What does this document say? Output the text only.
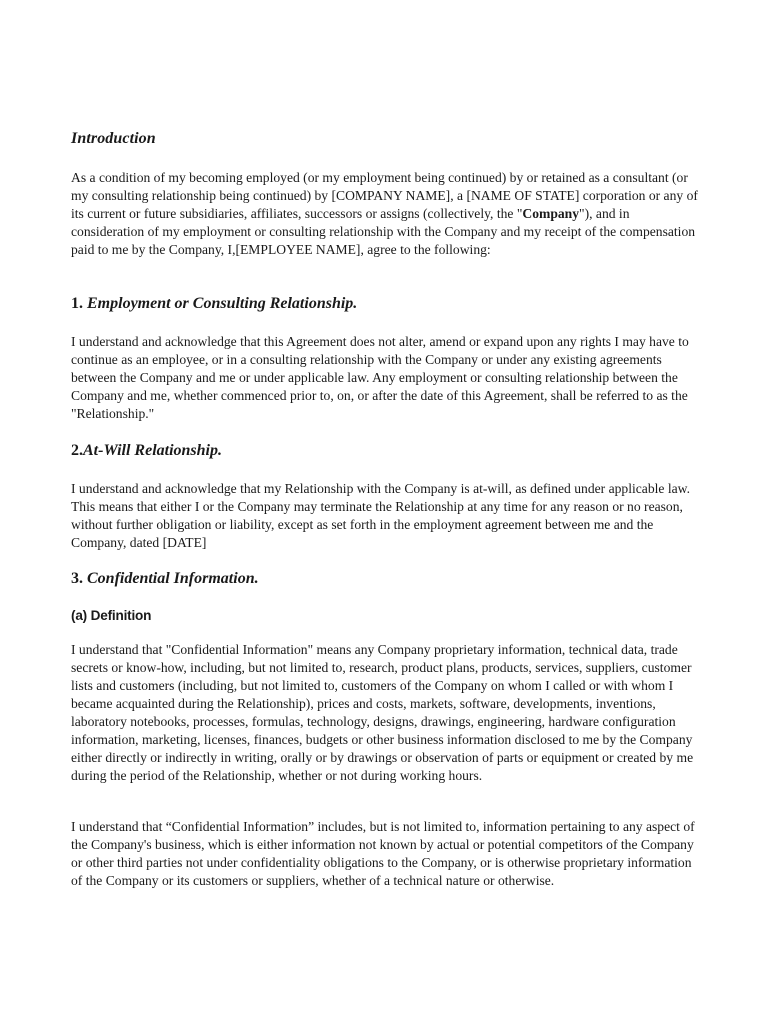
Introduction

As a condition of my becoming employed (or my employment being continued) by or retained as a consultant (or my consulting relationship being continued) by [COMPANY NAME], a [NAME OF STATE] corporation or any of its current or future subsidiaries, affiliates, successors or assigns (collectively, the "Company"), and in consideration of my employment or consulting relationship with the Company and my receipt of the compensation paid to me by the Company, I,[EMPLOYEE NAME], agree to the following:

1. Employment or Consulting Relationship.

I understand and acknowledge that this Agreement does not alter, amend or expand upon any rights I may have to continue as an employee, or in a consulting relationship with the Company or under any existing agreements between the Company and me or under applicable law. Any employment or consulting relationship between the Company and me, whether commenced prior to, on, or after the date of this Agreement, shall be referred to as the "Relationship."

2.At-Will Relationship.

I understand and acknowledge that my Relationship with the Company is at-will, as defined under applicable law. This means that either I or the Company may terminate the Relationship at any time for any reason or no reason, without further obligation or liability, except as set forth in the employment agreement between me and the Company, dated [DATE]

3. Confidential Information.
(a) Definition

I understand that "Confidential Information" means any Company proprietary information, technical data, trade secrets or know-how, including, but not limited to, research, product plans, products, services, suppliers, customer lists and customers (including, but not limited to, customers of the Company on whom I called or with whom I became acquainted during the Relationship), prices and costs, markets, software, developments, inventions, laboratory notebooks, processes, formulas, technology, designs, drawings, engineering, hardware configuration information, marketing, licenses, finances, budgets or other business information disclosed to me by the Company either directly or indirectly in writing, orally or by drawings or observation of parts or equipment or created by me during the period of the Relationship, whether or not during working hours.

I understand that “Confidential Information” includes, but is not limited to, information pertaining to any aspect of the Company's business, which is either information not known by actual or potential competitors of the Company or other third parties not under confidentiality obligations to the Company, or is otherwise proprietary information of the Company or its customers or suppliers, whether of a technical nature or otherwise.
